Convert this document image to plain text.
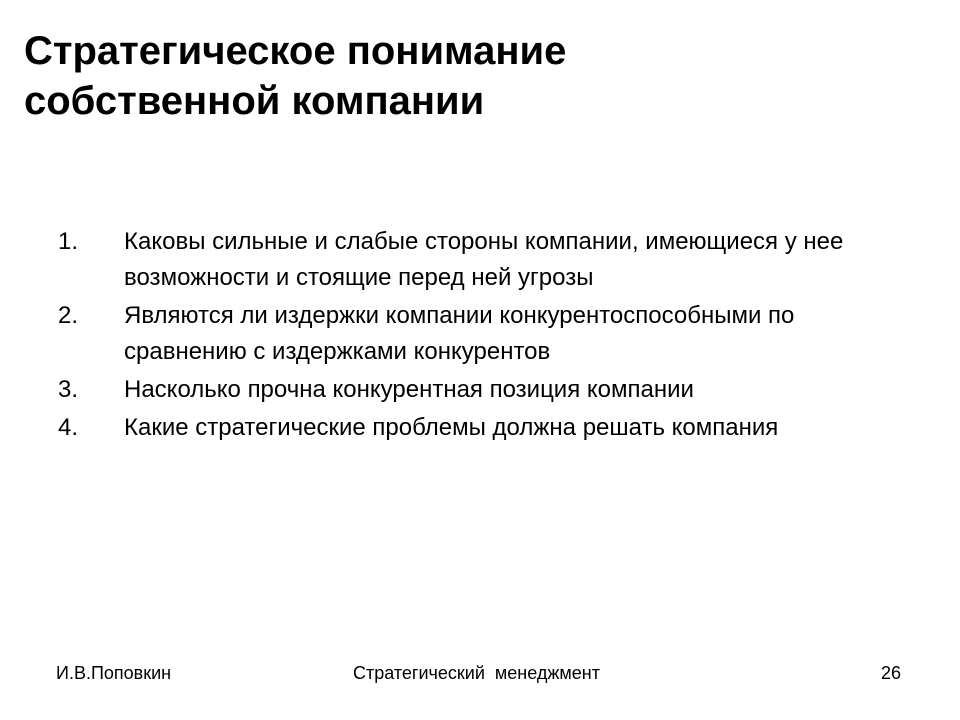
Стратегическое понимание
собственной компании
1.	Каковы сильные и слабые стороны компании, имеющиеся у нее возможности и стоящие перед ней угрозы
2.	Являются ли издержки компании конкурентоспособными по сравнению с издержками конкурентов
3.	Насколько прочна конкурентная позиция компании
4.	Какие стратегические проблемы должна решать компания
И.В.Поповкин	Стратегический  менеджмент	26
